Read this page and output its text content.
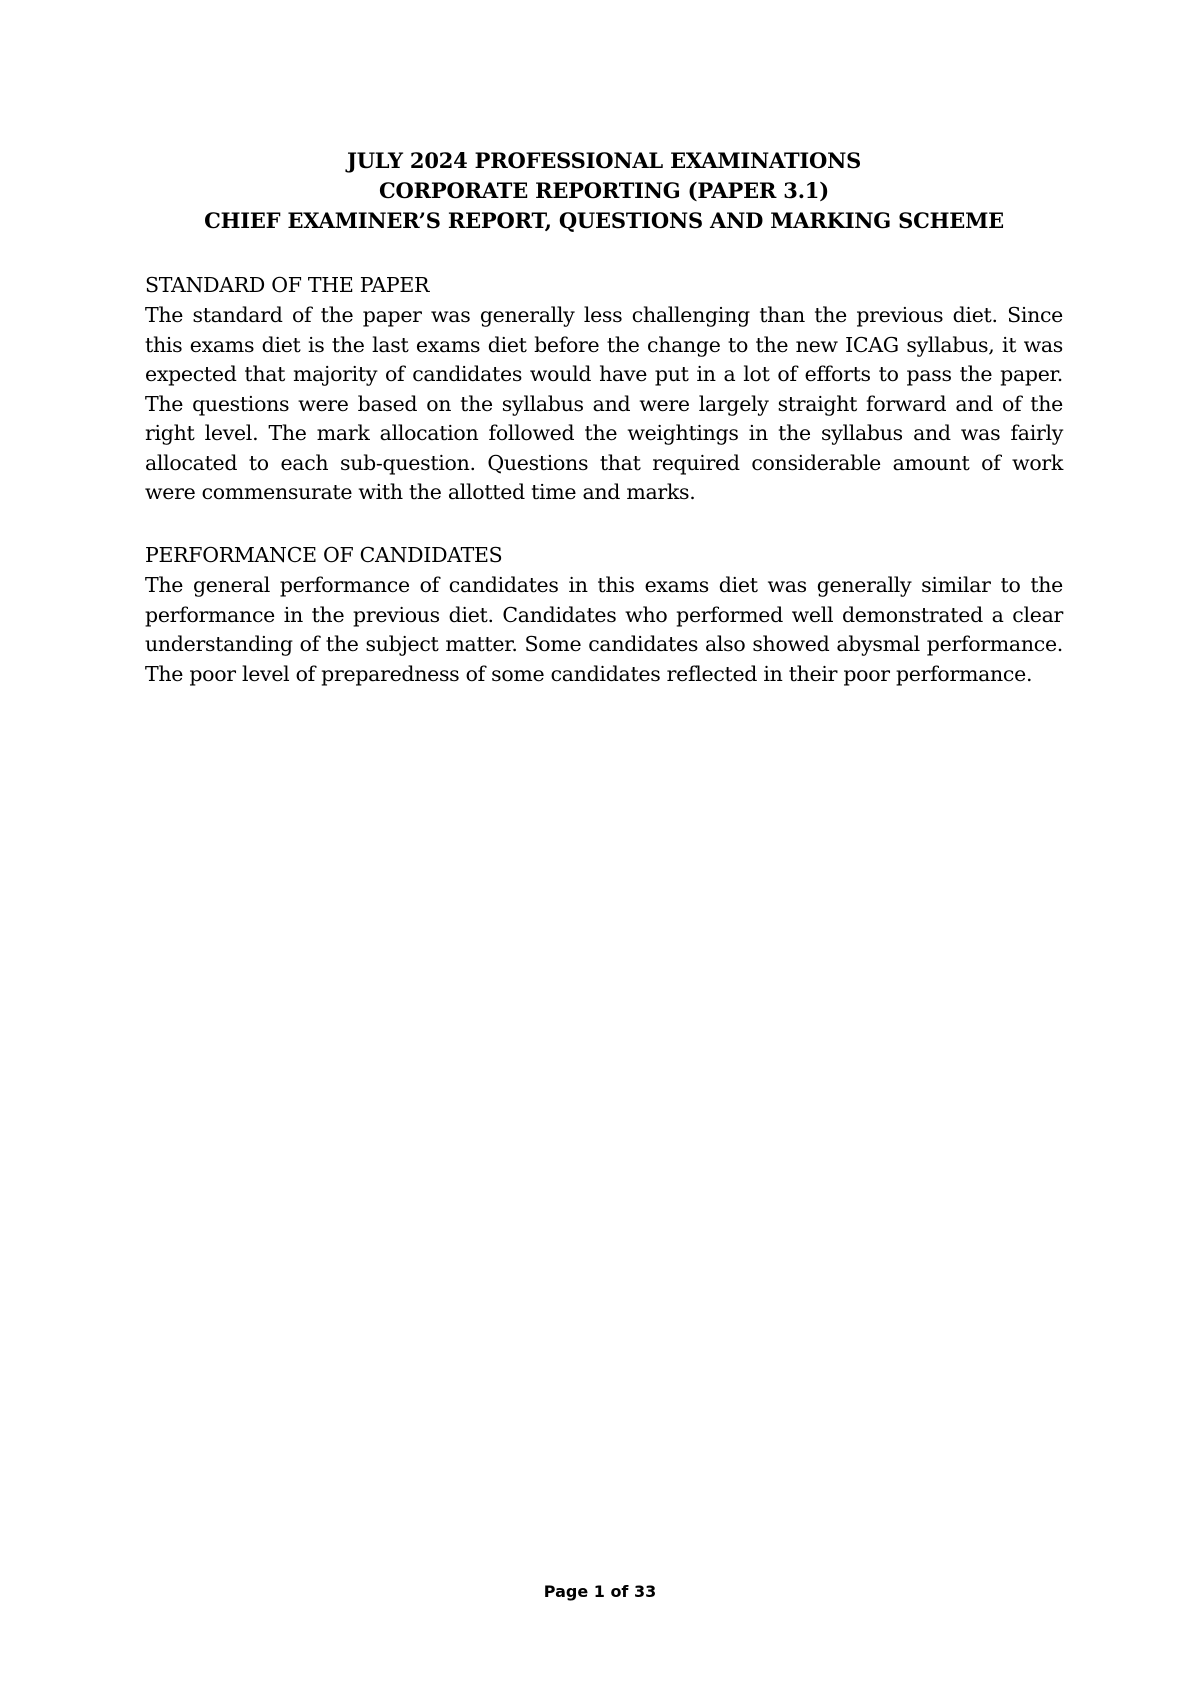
JULY 2024 PROFESSIONAL EXAMINATIONS
CORPORATE REPORTING (PAPER 3.1)
CHIEF EXAMINER’S REPORT, QUESTIONS AND MARKING SCHEME
STANDARD OF THE PAPER

The standard of the paper was generally less challenging than the previous diet. Since this exams diet is the last exams diet before the change to the new ICAG syllabus, it was expected that majority of candidates would have put in a lot of efforts to pass the paper. The questions were based on the syllabus and were largely straight forward and of the right level. The mark allocation followed the weightings in the syllabus and was fairly allocated to each sub-question. Questions that required considerable amount of work were commensurate with the allotted time and marks.

PERFORMANCE OF CANDIDATES

The general performance of candidates in this exams diet was generally similar to the performance in the previous diet. Candidates who performed well demonstrated a clear understanding of the subject matter. Some candidates also showed abysmal performance. The poor level of preparedness of some candidates reflected in their poor performance.

Page 1 of 33
